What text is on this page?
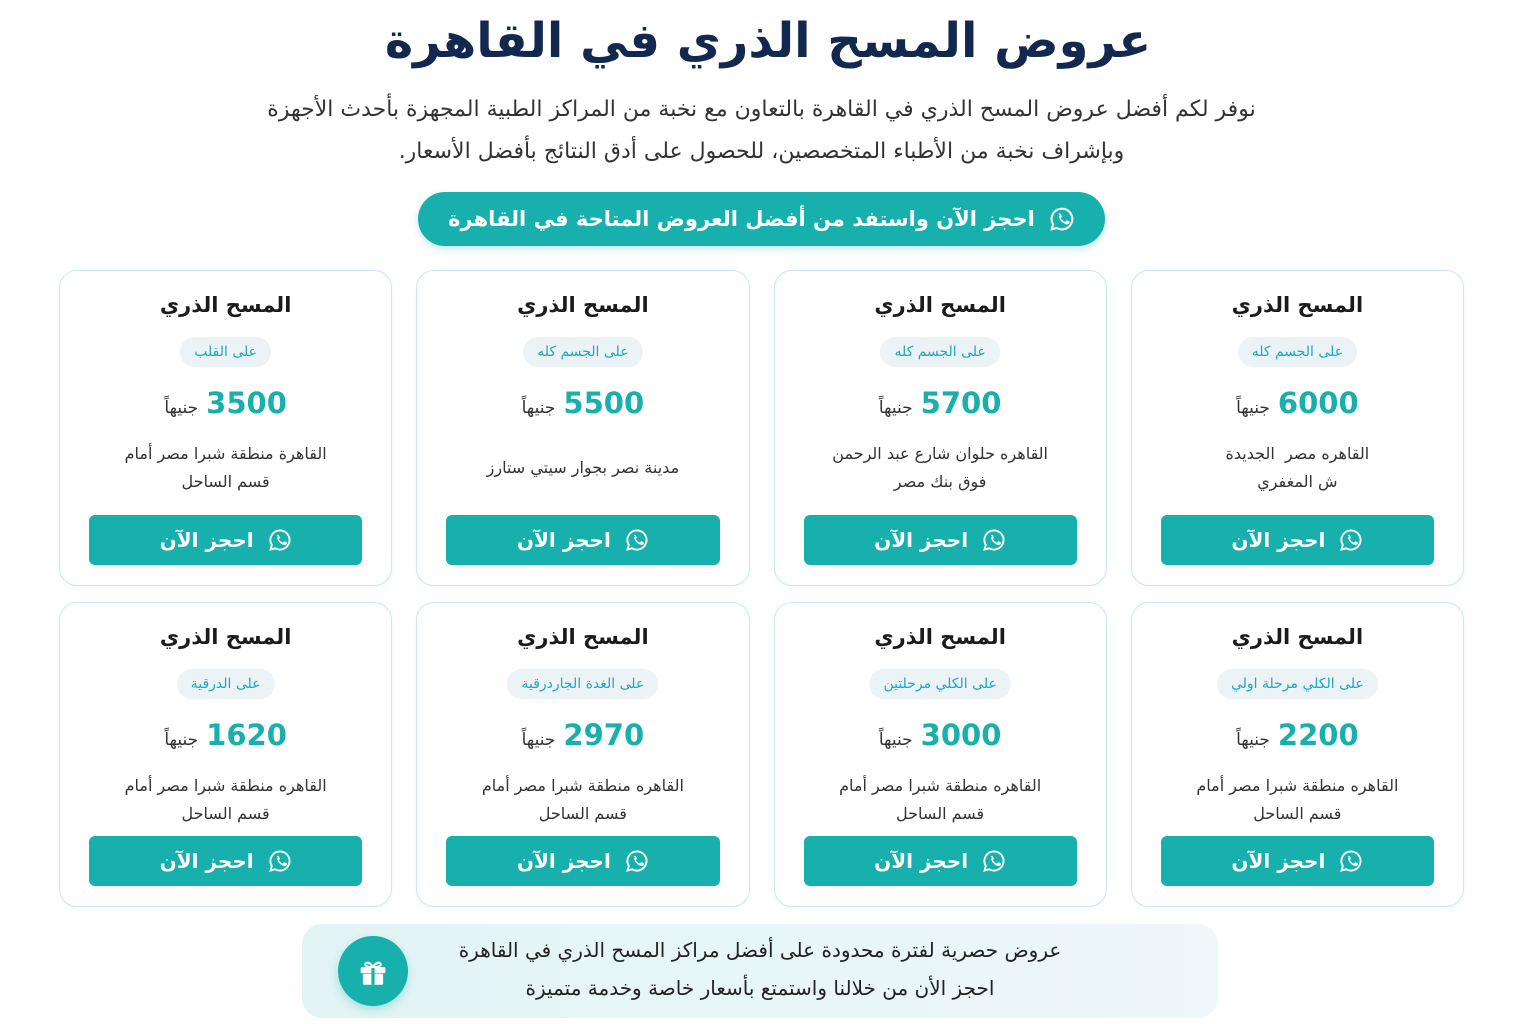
عروض المسح الذري في القاهرة
نوفر لكم أفضل عروض المسح الذري في القاهرة بالتعاون مع نخبة من المراكز الطبية المجهزة بأحدث الأجهزة
وبإشراف نخبة من الأطباء المتخصصين، للحصول على أدق النتائج بأفضل الأسعار.
احجز الآن واستفد من أفضل العروض المتاحة في القاهرة
المسح الذري
على الجسم كله
6000
جنيهاً
القاهره مصر  الجديدة
ش المغفري
احجز الآن
المسح الذري
على الجسم كله
5700
جنيهاً
القاهره حلوان شارع عبد الرحمن
فوق بنك مصر
احجز الآن
المسح الذري
على الجسم كله
5500
جنيهاً
مدينة نصر بجوار سيتي ستارز
احجز الآن
المسح الذري
على القلب
3500
جنيهاً
القاهرة منطقة شبرا مصر أمام
قسم الساحل
احجز الآن
المسح الذري
على الكلي مرحلة اولي
2200
جنيهاً
القاهره منطقة شبرا مصر أمام
قسم الساحل
احجز الآن
المسح الذري
على الكلي مرحلتين
3000
جنيهاً
القاهره منطقة شبرا مصر أمام
قسم الساحل
احجز الآن
المسح الذري
على الغدة الجاردرقية
2970
جنيهاً
القاهره منطقة شبرا مصر أمام
قسم الساحل
احجز الآن
المسح الذري
على الدرقية
1620
جنيهاً
القاهره منطقة شبرا مصر أمام
قسم الساحل
احجز الآن
عروض حصرية لفترة محدودة على أفضل مراكز المسح الذري في القاهرة
احجز الأن من خلالنا واستمتع بأسعار خاصة وخدمة متميزة
